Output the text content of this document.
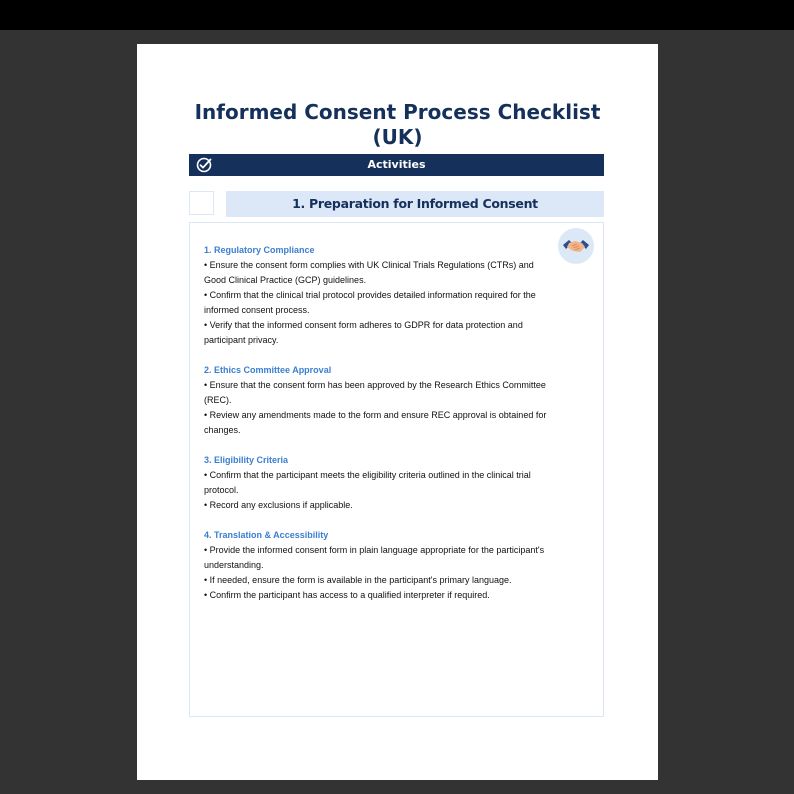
Informed Consent Process Checklist
(UK)
Activities
1. Preparation for Informed Consent

1. Regulatory Compliance

• Ensure the consent form complies with UK Clinical Trials Regulations (CTRs) and Good Clinical Practice (GCP) guidelines.

• Confirm that the clinical trial protocol provides detailed information required for the informed consent process.

• Verify that the informed consent form adheres to GDPR for data protection and participant privacy.

2. Ethics Committee Approval

• Ensure that the consent form has been approved by the Research Ethics Committee (REC).

• Review any amendments made to the form and ensure REC approval is obtained for changes.

3. Eligibility Criteria

• Confirm that the participant meets the eligibility criteria outlined in the clinical trial protocol.

• Record any exclusions if applicable.

4. Translation & Accessibility

• Provide the informed consent form in plain language appropriate for the participant's understanding.

• If needed, ensure the form is available in the participant's primary language.

• Confirm the participant has access to a qualified interpreter if required.
